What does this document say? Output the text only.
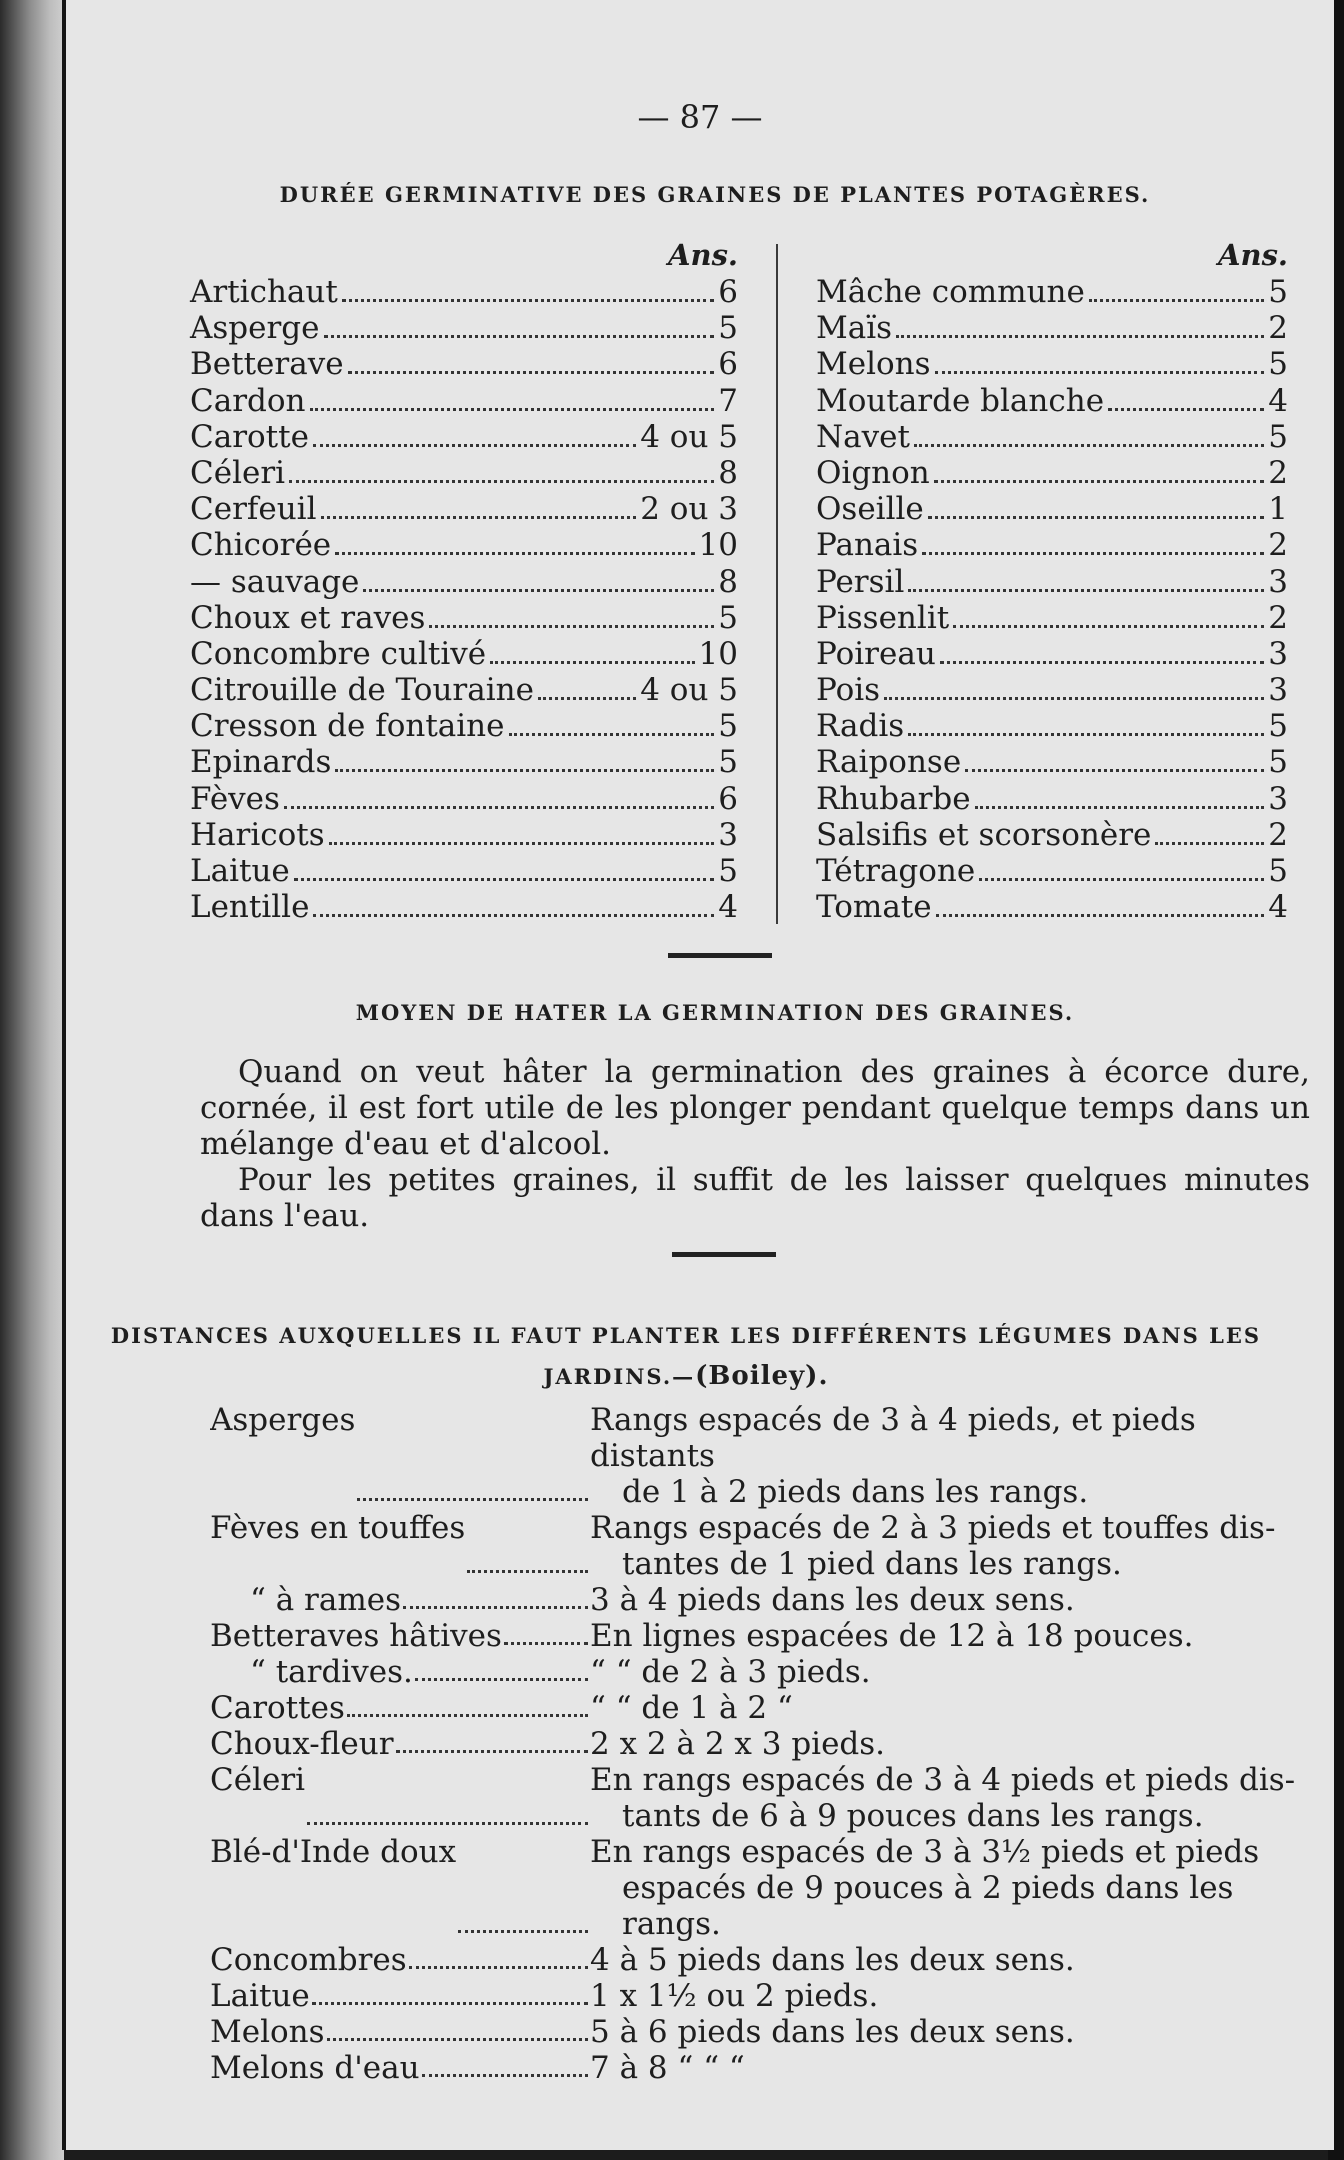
— 87 —
DURÉE GERMINATIVE DES GRAINES DE PLANTES POTAGÈRES.
Ans.
Artichaut	6
Asperge	5
Betterave	6
Cardon	7
Carotte	4 ou 5
Céleri	8
Cerfeuil	2 ou 3
Chicorée	10
— sauvage	8
Choux et raves	5
Concombre cultivé	10
Citrouille de Touraine	4 ou 5
Cresson de fontaine	5
Epinards	5
Fèves	6
Haricots	3
Laitue	5
Lentille	4
Ans.
Mâche commune	5
Maïs	2
Melons	5
Moutarde blanche	4
Navet	5
Oignon	2
Oseille	1
Panais	2
Persil	3
Pissenlit	2
Poireau	3
Pois	3
Radis	5
Raiponse	5
Rhubarbe	3
Salsifis et scorsonère	2
Tétragone	5
Tomate	4
MOYEN DE HATER LA GERMINATION DES GRAINES.

Quand on veut hâter la germination des graines à écorce dure, cornée, il est fort utile de les plonger pendant quelque temps dans un mélange d'eau et d'alcool.

Pour les petites graines, il suffit de les laisser quelques minutes dans l'eau.

DISTANCES AUXQUELLES IL FAUT PLANTER LES DIFFÉRENTS LÉGUMES DANS LES JARDINS.—(Boiley).
Asperges	Rangs espacés de 3 à 4 pieds, et pieds distants
de 1 à 2 pieds dans les rangs.
Fèves en touffes	Rangs espacés de 2 à 3 pieds et touffes dis-
tantes de 1 pied dans les rangs.
“ à rames	3 à 4 pieds dans les deux sens.
Betteraves hâtives	En lignes espacées de 12 à 18 pouces.
“ tardives.	“ “ de 2 à 3 pieds.
Carottes	“ “ de 1 à 2 “
Choux-fleur	2 x 2 à 2 x 3 pieds.
Céleri	En rangs espacés de 3 à 4 pieds et pieds dis-
tants de 6 à 9 pouces dans les rangs.
Blé-d'Inde doux	En rangs espacés de 3 à 3½ pieds et pieds
espacés de 9 pouces à 2 pieds dans les rangs.
Concombres	4 à 5 pieds dans les deux sens.
Laitue	1 x 1½ ou 2 pieds.
Melons	5 à 6 pieds dans les deux sens.
Melons d'eau	7 à 8 “ “ “
